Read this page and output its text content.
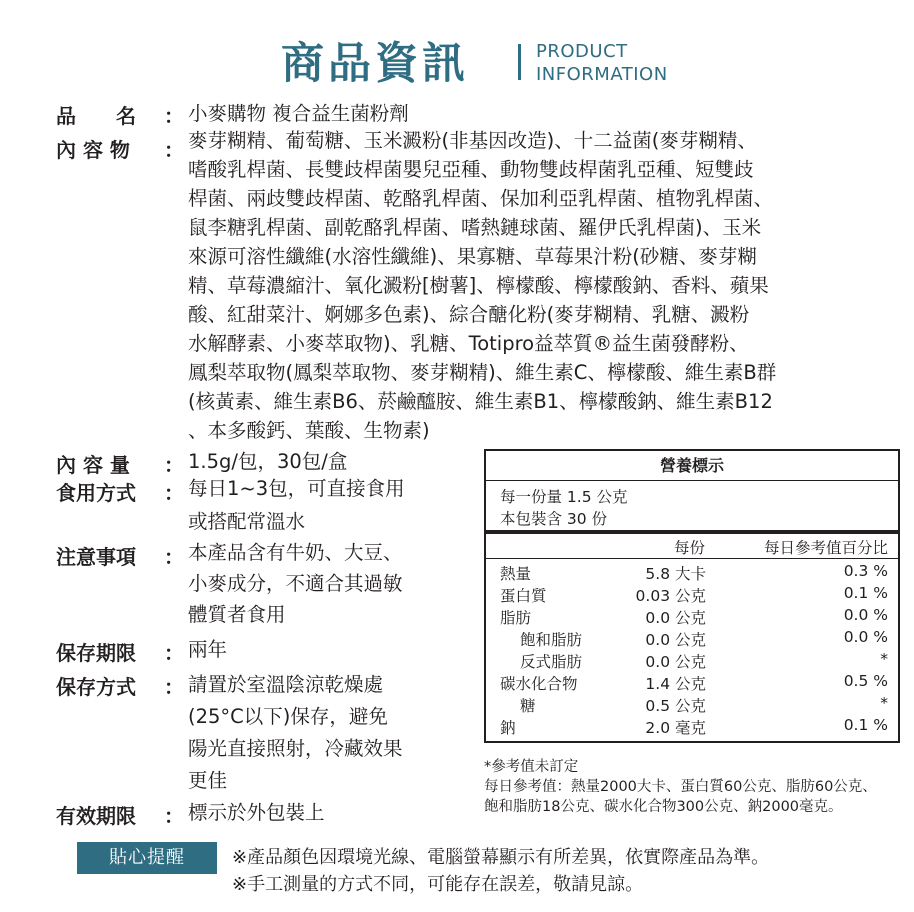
商品資訊	PRODUCT
INFORMATION
品　　名 ： 小麥購物 複合益生菌粉劑
內 容 物 ： 麥芽糊精、葡萄糖、玉米澱粉(非基因改造)、十二益菌(麥芽糊精、
嗜酸乳桿菌、長雙歧桿菌嬰兒亞種、動物雙歧桿菌乳亞種、短雙歧
桿菌、兩歧雙歧桿菌、乾酪乳桿菌、保加利亞乳桿菌、植物乳桿菌、
鼠李糖乳桿菌、副乾酪乳桿菌、嗜熱鏈球菌、羅伊氏乳桿菌)、玉米
來源可溶性纖維(水溶性纖維)、果寡糖、草莓果汁粉(砂糖、麥芽糊
精、草莓濃縮汁、氧化澱粉[樹薯]、檸檬酸、檸檬酸鈉、香料、蘋果
酸、紅甜菜汁、婀娜多色素)、綜合醣化粉(麥芽糊精、乳糖、澱粉
水解酵素、小麥萃取物)、乳糖、Totipro益萃質®益生菌發酵粉、
鳳梨萃取物(鳳梨萃取物、麥芽糊精)、維生素C、檸檬酸、維生素B群
(核黃素、維生素B6、菸鹼醯胺、維生素B1、檸檬酸鈉、維生素B12
、本多酸鈣、葉酸、生物素)
內 容 量 ： 1.5g/包，30包/盒
食用方式 ： 每日1~3包，可直接食用
或搭配常溫水
注意事項 ： 本產品含有牛奶、大豆、
小麥成分，不適合其過敏
體質者食用
保存期限 ： 兩年
保存方式 ： 請置於室溫陰涼乾燥處
(25°C以下)保存，避免
陽光直接照射，冷藏效果
更佳
有效期限 ： 標示於外包裝上
營養標示
每一份量 1.5 公克
本包裝含 30 份
每份	每日參考值百分比
熱量	5.8 大卡	0.3 %
蛋白質	0.03 公克	0.1 %
脂肪	0.0 公克	0.0 %
飽和脂肪	0.0 公克	0.0 %
反式脂肪	0.0 公克	*
碳水化合物	1.4 公克	0.5 %
糖	0.5 公克	*
鈉	2.0 毫克	0.1 %
*參考值未訂定
每日參考值：熱量2000大卡、蛋白質60公克、脂肪60公克、
飽和脂肪18公克、碳水化合物300公克、鈉2000毫克。
貼心提醒	※產品顏色因環境光線、電腦螢幕顯示有所差異，依實際產品為準。
※手工測量的方式不同，可能存在誤差，敬請見諒。
